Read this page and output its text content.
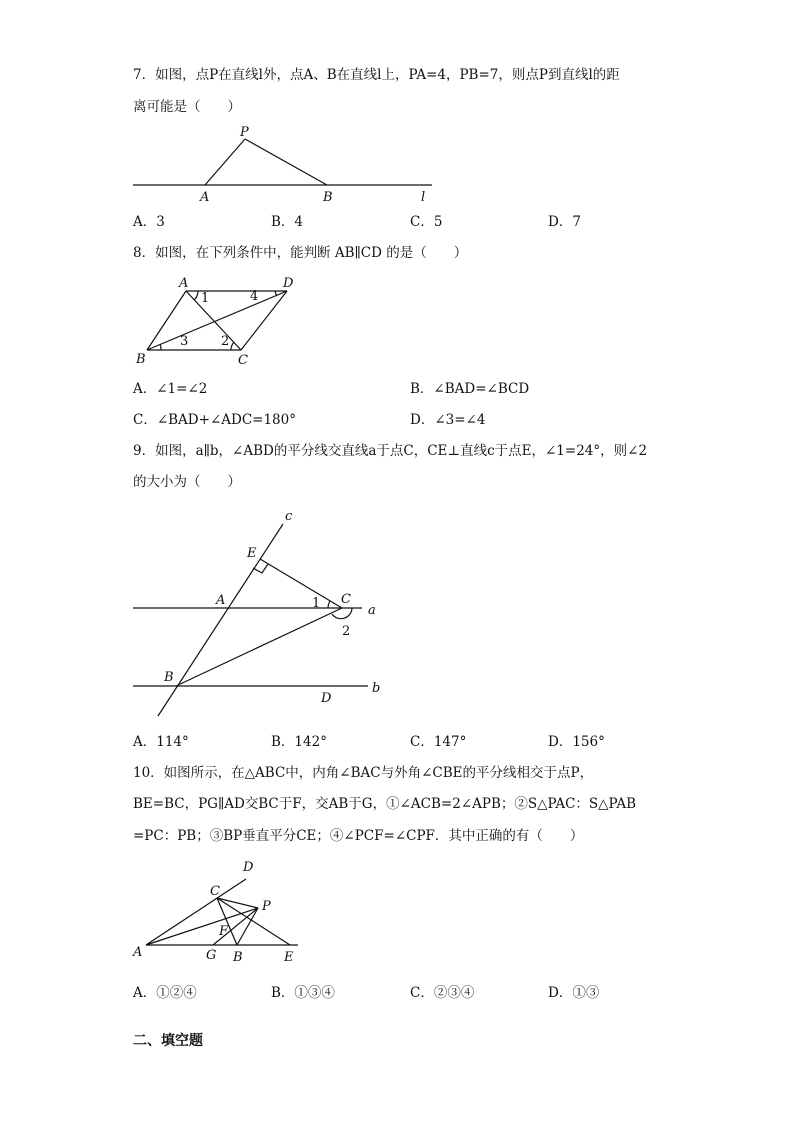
7．如图，点P在直线l外，点A、B在直线l上，PA=4，PB=7，则点P到直线l的距
离可能是（　　）
P
A	B	l
A．3	B．4	C．5	D．7
8．如图，在下列条件中，能判断 AB∥CD 的是（　　）
A	D
B	C
1	4
3	2
A．∠1=∠2	B．∠BAD=∠BCD
C．∠BAD+∠ADC=180°	D．∠3=∠4
9．如图，a∥b，∠ABD的平分线交直线a于点C，CE⊥直线c于点E，∠1=24°，则∠2
的大小为（　　）
c
E
A	C
a
1
2
B
D
b
A．114°	B．142°	C．147°	D．156°
10．如图所示，在△ABC中，内角∠BAC与外角∠CBE的平分线相交于点P，
BE=BC，PG∥AD交BC于F，交AB于G，①∠ACB=2∠APB；②S△PAC：S△PAB
=PC：PB；③BP垂直平分CE；④∠PCF=∠CPF．其中正确的有（　　）
D
C
P
F
A	G B	E
A．①②④	B．①③④	C．②③④	D．①③
二、填空题
